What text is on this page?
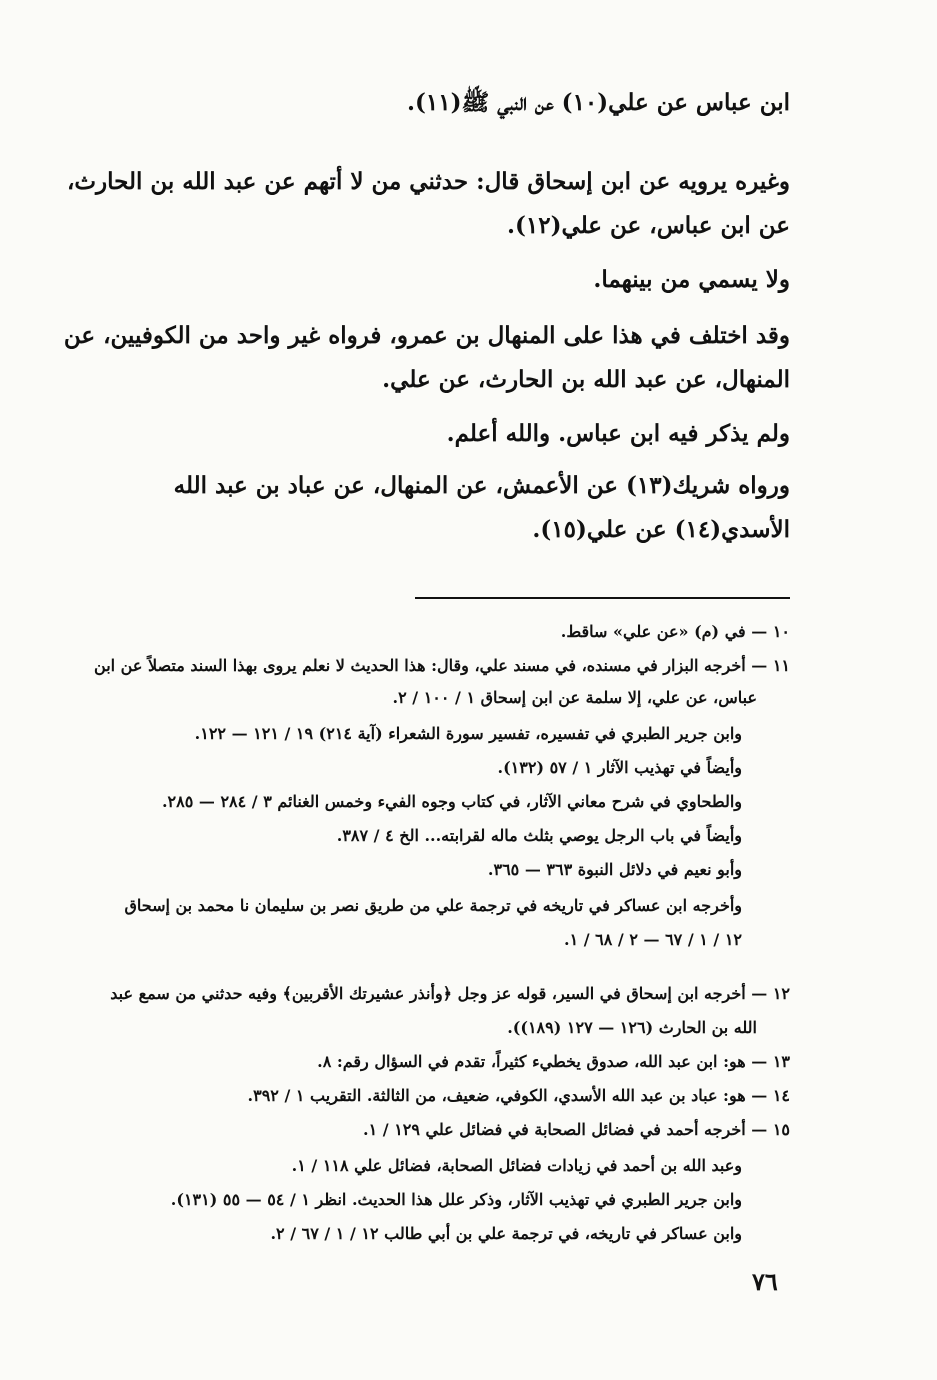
ابن عباس عن علي(١٠) عن النبي ﷺ(١١).
وغيره يرويه عن ابن إسحاق قال: حدثني من لا أتهم عن عبد الله بن الحارث،
عن ابن عباس، عن علي(١٢).
ولا يسمي من بينهما.
وقد اختلف في هذا على المنهال بن عمرو، فرواه غير واحد من الكوفيين، عن
المنهال، عن عبد الله بن الحارث، عن علي.
ولم يذكر فيه ابن عباس. والله أعلم.
ورواه شريك(١٣) عن الأعمش، عن المنهال، عن عباد بن عبد الله
الأسدي(١٤) عن علي(١٥).
١٠ — في (م) «عن علي» ساقط.
١١ — أخرجه البزار في مسنده، في مسند علي، وقال: هذا الحديث لا نعلم يروى بهذا السند متصلاً عن ابن
عباس، عن علي، إلا سلمة عن ابن إسحاق ١ / ١٠٠ / ٢.
وابن جرير الطبري في تفسيره، تفسير سورة الشعراء (آية ٢١٤) ١٩ / ١٢١ — ١٢٢.
وأيضاً في تهذيب الآثار ١ / ٥٧ (١٣٢).
والطحاوي في شرح معاني الآثار، في كتاب وجوه الفيء وخمس الغنائم ٣ / ٢٨٤ — ٢٨٥.
وأيضاً في باب الرجل يوصي بثلث ماله لقرابته... الخ ٤ / ٣٨٧.
وأبو نعيم في دلائل النبوة ٣٦٣ — ٣٦٥.
وأخرجه ابن عساكر في تاريخه في ترجمة علي من طريق نصر بن سليمان نا محمد بن إسحاق
١٢ / ١ / ٦٧ — ٢ / ٦٨ / ١.
١٢ — أخرجه ابن إسحاق في السير، قوله عز وجل ﴿وأنذر عشيرتك الأقربين﴾ وفيه حدثني من سمع عبد
الله بن الحارث (١٢٦ — ١٢٧ (١٨٩)).
١٣ — هو: ابن عبد الله، صدوق يخطيء كثيراً، تقدم في السؤال رقم: ٨.
١٤ — هو: عباد بن عبد الله الأسدي، الكوفي، ضعيف، من الثالثة. التقريب ١ / ٣٩٢.
١٥ — أخرجه أحمد في فضائل الصحابة في فضائل علي ١٢٩ / ١.
وعبد الله بن أحمد في زيادات فضائل الصحابة، فضائل علي ١١٨ / ١.
وابن جرير الطبري في تهذيب الآثار، وذكر علل هذا الحديث. انظر ١ / ٥٤ — ٥٥ (١٣١).
وابن عساكر في تاريخه، في ترجمة علي بن أبي طالب ١٢ / ١ / ٦٧ / ٢.
٧٦
